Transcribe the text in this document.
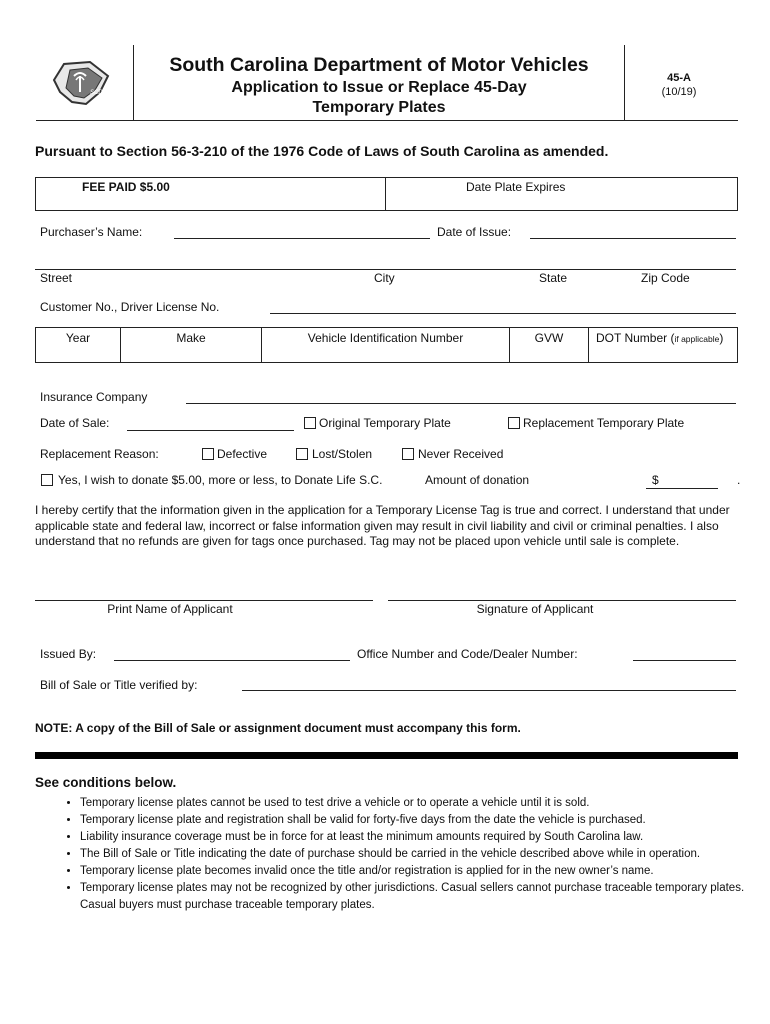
SCDMV
South Carolina Department of Motor Vehicles
Application to Issue or Replace 45-Day
Temporary Plates
45-A
(10/19)
Pursuant to Section 56-3-210 of the 1976 Code of Laws of South Carolina as amended.
FEE PAID $5.00	Date Plate Expires
Purchaser’s Name:	Date of Issue:
Street	City	State	Zip Code
Customer No., Driver License No.
Year	Make	Vehicle Identification Number	GVW	DOT Number (if applicable)
Insurance Company
Date of Sale:	Original Temporary Plate	Replacement Temporary Plate
Replacement Reason:	Defective	Lost/Stolen	Never Received
Yes, I wish to donate $5.00, more or less, to Donate Life S.C.	Amount of donation	$	.
I hereby certify that the information given in the application for a Temporary License Tag is true and correct. I understand that under applicable state and federal law, incorrect or false information given may result in civil liability and civil or criminal penalties. I also understand that no refunds are given for tags once purchased. Tag may not be placed upon vehicle until sale is complete.
Print Name of Applicant	Signature of Applicant
Issued By:	Office Number and Code/Dealer Number:
Bill of Sale or Title verified by:
NOTE: A copy of the Bill of Sale or assignment document must accompany this form.
See conditions below.
• Temporary license plates cannot be used to test drive a vehicle or to operate a vehicle until it is sold.
• Temporary license plate and registration shall be valid for forty-five days from the date the vehicle is purchased.
• Liability insurance coverage must be in force for at least the minimum amounts required by South Carolina law.
• The Bill of Sale or Title indicating the date of purchase should be carried in the vehicle described above while in operation.
• Temporary license plate becomes invalid once the title and/or registration is applied for in the new owner’s name.
• Temporary license plates may not be recognized by other jurisdictions. Casual sellers cannot purchase traceable temporary plates. Casual buyers must purchase traceable temporary plates.
